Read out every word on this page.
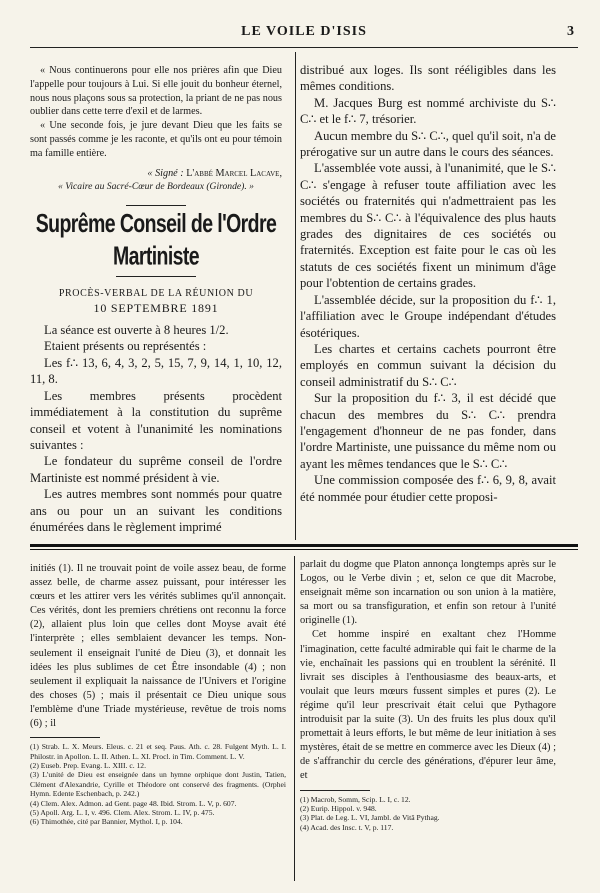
LE VOILE D'ISIS	3

« Nous continuerons pour elle nos prières afin que Dieu l'appelle pour toujours à Lui. Si elle jouit du bonheur éternel, nous nous plaçons sous sa protection, la priant de ne pas nous oublier dans cette terre d'exil et de larmes.

« Une seconde fois, je jure devant Dieu que les faits se sont passés comme je les raconte, et qu'ils ont eu pour témoin ma famille entière.

« Signé : L'abbé Marcel Lacave,
« Vicaire au Sacré-Cœur de Bordeaux (Gironde). »
Suprême Conseil de l'Ordre Martiniste
PROCÈS-VERBAL DE LA RÉUNION DU
10 SEPTEMBRE 1891

La séance est ouverte à 8 heures 1/2.

Etaient présents ou représentés :

Les f∴ 13, 6, 4, 3, 2, 5, 15, 7, 9, 14, 1, 10, 12, 11, 8.

Les membres présents procèdent immédiatement à la constitution du suprême conseil et votent à l'unanimité les nominations suivantes :

Le fondateur du suprême conseil de l'ordre Martiniste est nommé président à vie.

Les autres membres sont nommés pour quatre ans ou pour un an suivant les conditions énumérées dans le règlement imprimé

distribué aux loges. Ils sont rééligibles dans les mêmes conditions.

M. Jacques Burg est nommé archiviste du S∴ C∴ et le f∴ 7, trésorier.

Aucun membre du S∴ C∴, quel qu'il soit, n'a de prérogative sur un autre dans le cours des séances.

L'assemblée vote aussi, à l'unanimité, que le S∴ C∴ s'engage à refuser toute affiliation avec les sociétés ou fraternités qui n'admettraient pas les membres du S∴ C∴ à l'équivalence des plus hauts grades des dignitaires de ces sociétés ou fraternités. Exception est faite pour le cas où les statuts de ces sociétés fixent un minimum d'âge pour l'obtention de certains grades.

L'assemblée décide, sur la proposition du f∴ 1, l'affiliation avec le Groupe indépendant d'études ésotériques.

Les chartes et certains cachets pourront être employés en commun suivant la décision du conseil administratif du S∴ C∴

Sur la proposition du f∴ 3, il est décidé que chacun des membres du S∴ C∴ prendra l'engagement d'honneur de ne pas fonder, dans l'ordre Martiniste, une puissance du même nom ou ayant les mêmes tendances que le S∴ C∴

Une commission composée des f∴ 6, 9, 8, avait été nommée pour étudier cette proposi-

initiés (1). Il ne trouvait point de voile assez beau, de forme assez belle, de charme assez puissant, pour intéresser les cœurs et les attirer vers les vérités sublimes qu'il annonçait. Ces vérités, dont les premiers chrétiens ont reconnu la force (2), allaient plus loin que celles dont Moyse avait été l'interprète ; elles semblaient devancer les temps. Non-seulement il enseignait l'unité de Dieu (3), et donnait les idées les plus sublimes de cet Être insondable (4) ; non seulement il expliquait la naissance de l'Univers et l'origine des choses (5) ; mais il présentait ce Dieu unique sous l'emblème d'une Triade mystérieuse, revêtue de trois noms (6) ; il

(1) Strab. L. X. Meurs. Eleus. c. 21 et seq. Paus. Ath. c. 28. Fulgent Myth. L. I. Philostr. in Apollon. L. II. Athen. L. XI. Procl. in Tim. Comment. L. V.

(2) Euseb. Prep. Evang. L. XIII. c. 12.

(3) L'unité de Dieu est enseignée dans un hymne orphique dont Justin, Tatien, Clément d'Alexandrie, Cyrille et Théodore ont conservé des fragments. (Orphei Hymn. Edente Eschenbach, p. 242.)

(4) Clem. Alex. Admon. ad Gent. page 48. Ibid. Strom. L. V, p. 607.

(5) Apoll. Arg. L. I, v. 496. Clem. Alex. Strom. L. IV, p. 475.

(6) Thimothée, cité par Bannier, Mythol. I, p. 104.

parlait du dogme que Platon annonça longtemps après sur le Logos, ou le Verbe divin ; et, selon ce que dit Macrobe, enseignait même son incarnation ou son union à la matière, sa mort ou sa transfiguration, et enfin son retour à l'unité originelle (1).

Cet homme inspiré en exaltant chez l'Homme l'imagination, cette faculté admirable qui fait le charme de la vie, enchaînait les passions qui en troublent la sérénité. Il livrait ses disciples à l'enthousiasme des beaux-arts, et voulait que leurs mœurs fussent simples et pures (2). Le régime qu'il leur prescrivait était celui que Pythagore introduisit par la suite (3). Un des fruits les plus doux qu'il promettait à leurs efforts, le but même de leur initiation à ses mystères, était de se mettre en commerce avec les Dieux (4) ; de s'affranchir du cercle des générations, d'épurer leur âme, et

(1) Macrob, Somm, Scip. L. I, c. 12.

(2) Eurip. Hippol. v. 948.

(3) Plat. de Leg. L. VI, Jambl. de Vitâ Pythag.

(4) Acad. des Insc. t. V, p. 117.
